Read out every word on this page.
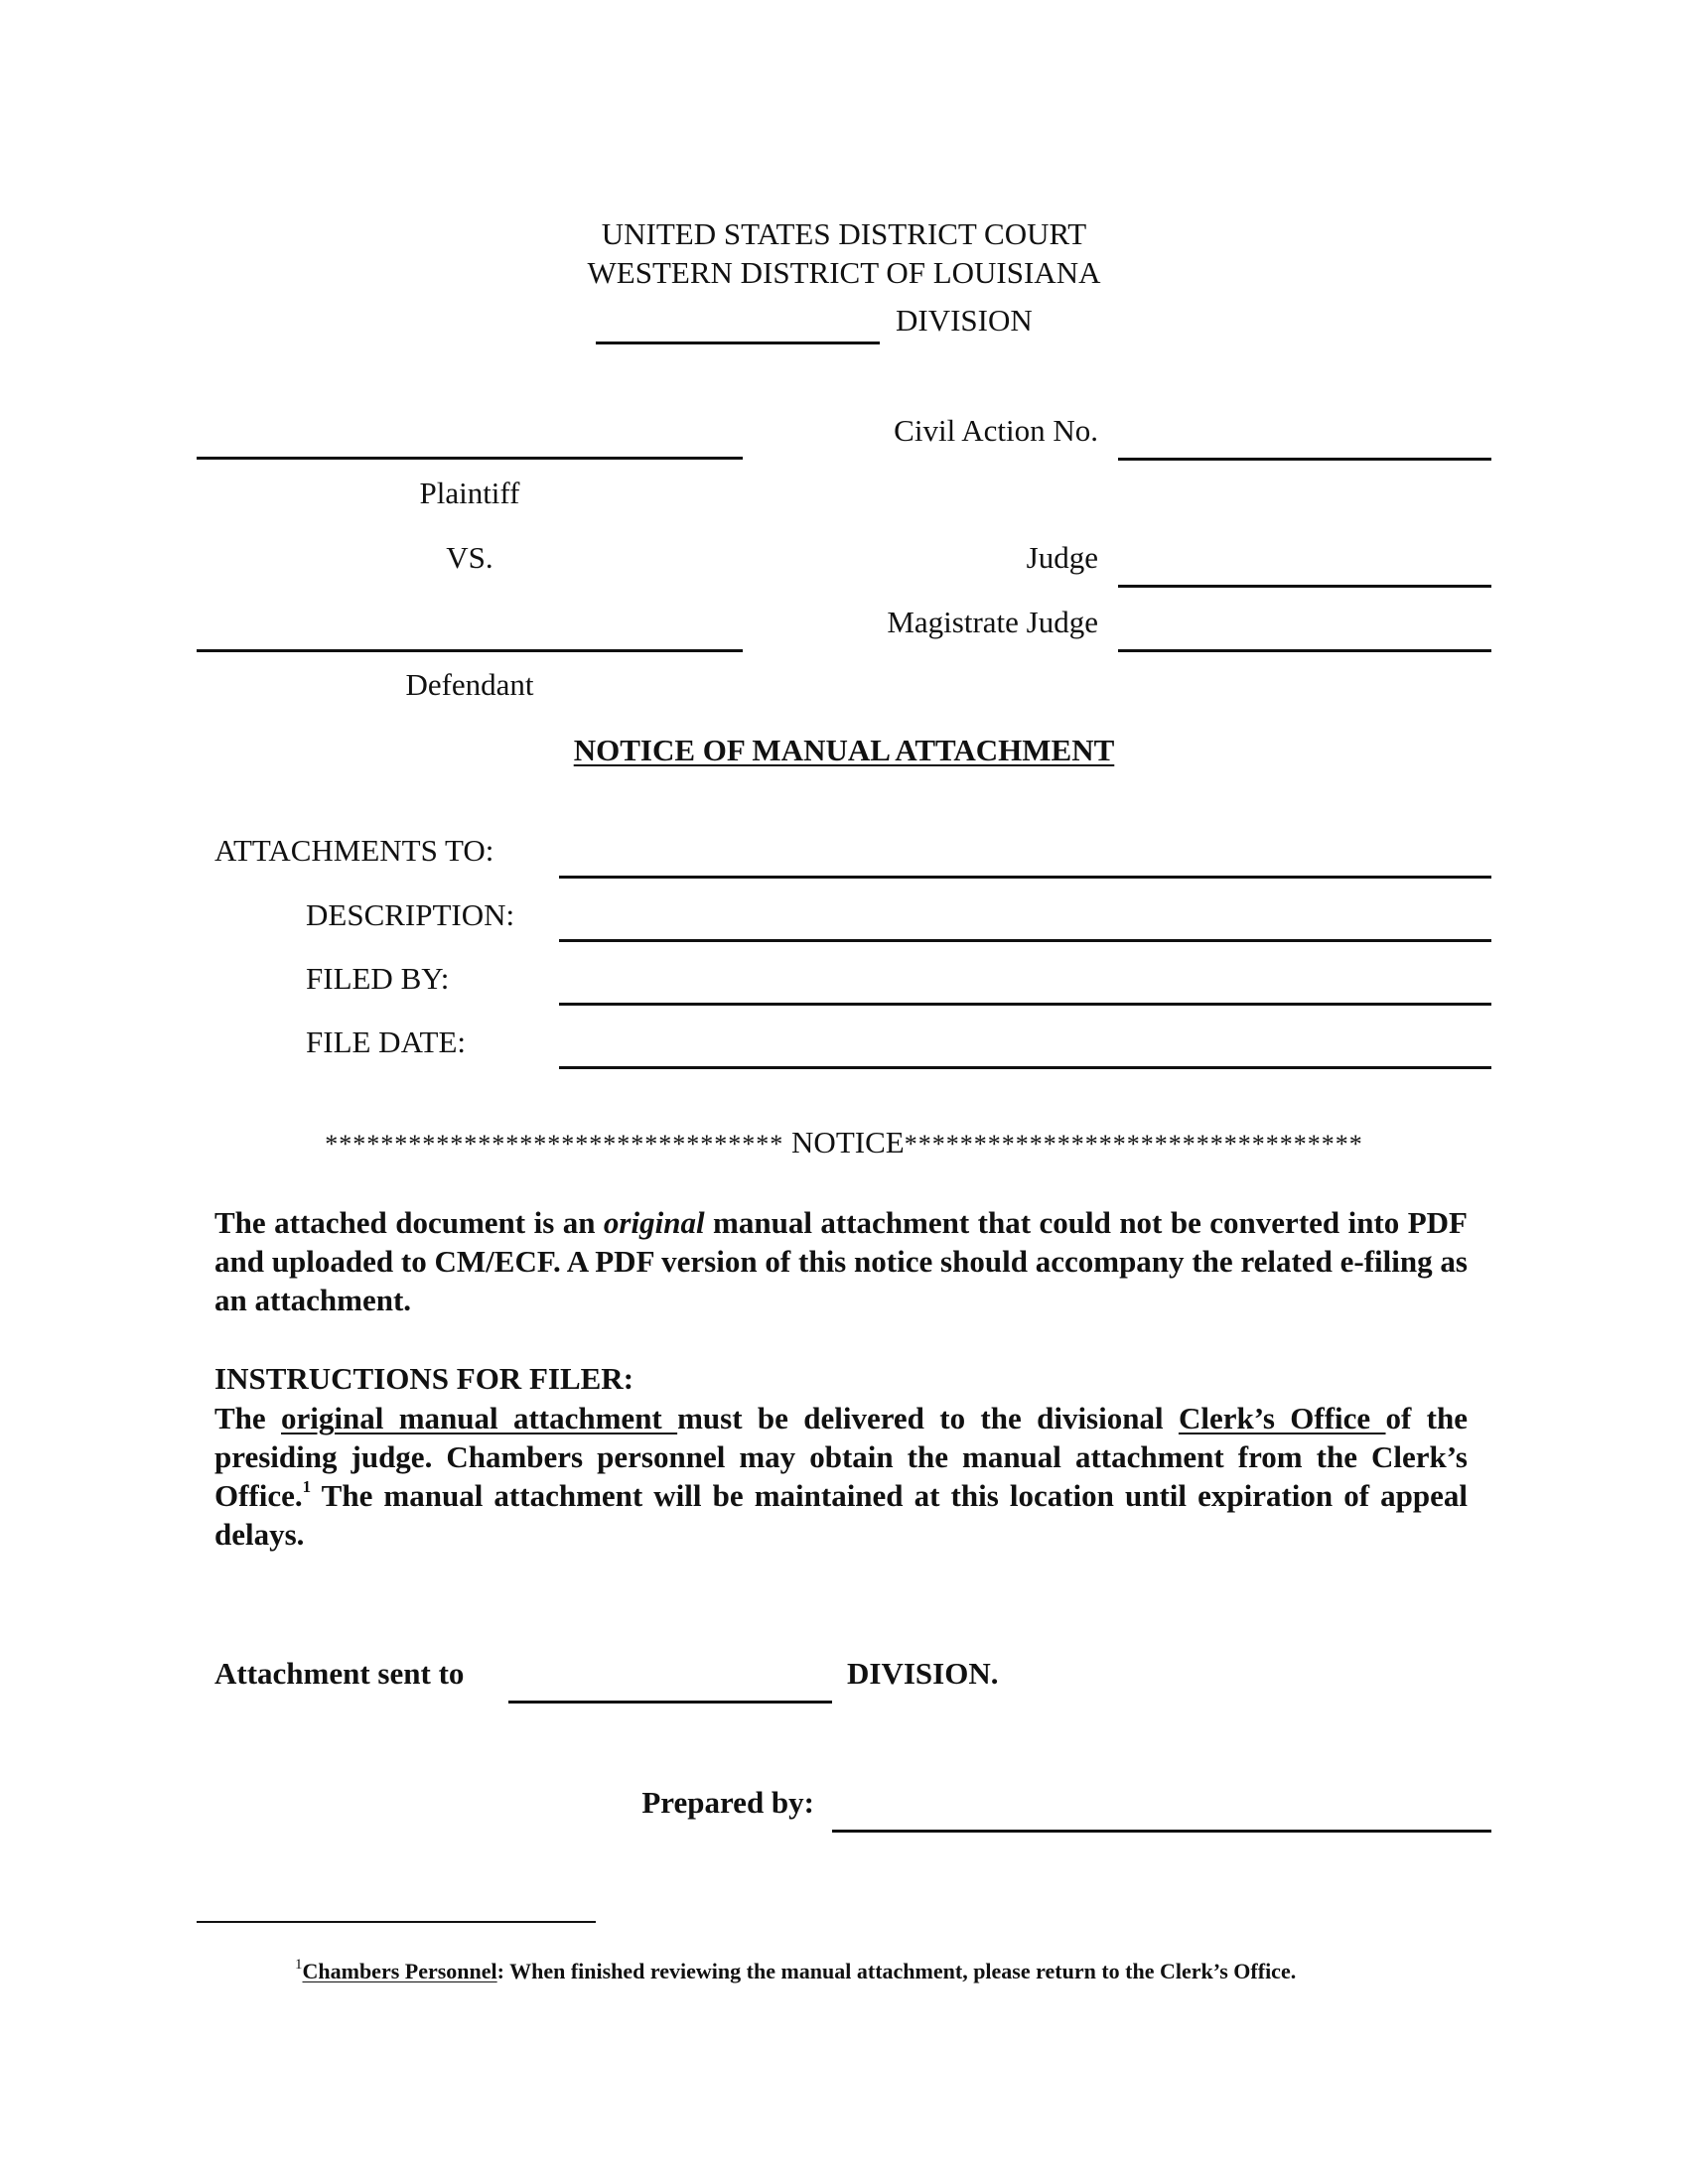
UNITED STATES DISTRICT COURT
WESTERN DISTRICT OF LOUISIANA
DIVISION
Plaintiff
VS.
Defendant
Civil Action No.
Judge
Magistrate Judge
NOTICE OF MANUAL ATTACHMENT
ATTACHMENTS TO:
DESCRIPTION:
FILED BY:
FILE DATE:
********************************* NOTICE*********************************
The attached document is an original manual attachment that could not be converted into PDF and uploaded to CM/ECF. A PDF version of this notice should accompany the related e-filing as an attachment.
INSTRUCTIONS FOR FILER:
The original manual attachment must be delivered to the divisional Clerk’s Office of the presiding judge. Chambers personnel may obtain the manual attachment from the Clerk’s Office.$^1$ The manual attachment will be maintained at this location until expiration of appeal delays.
Attachment sent to	DIVISION.
Prepared by:
$^1$Chambers Personnel: When finished reviewing the manual attachment, please return to the Clerk’s Office.
